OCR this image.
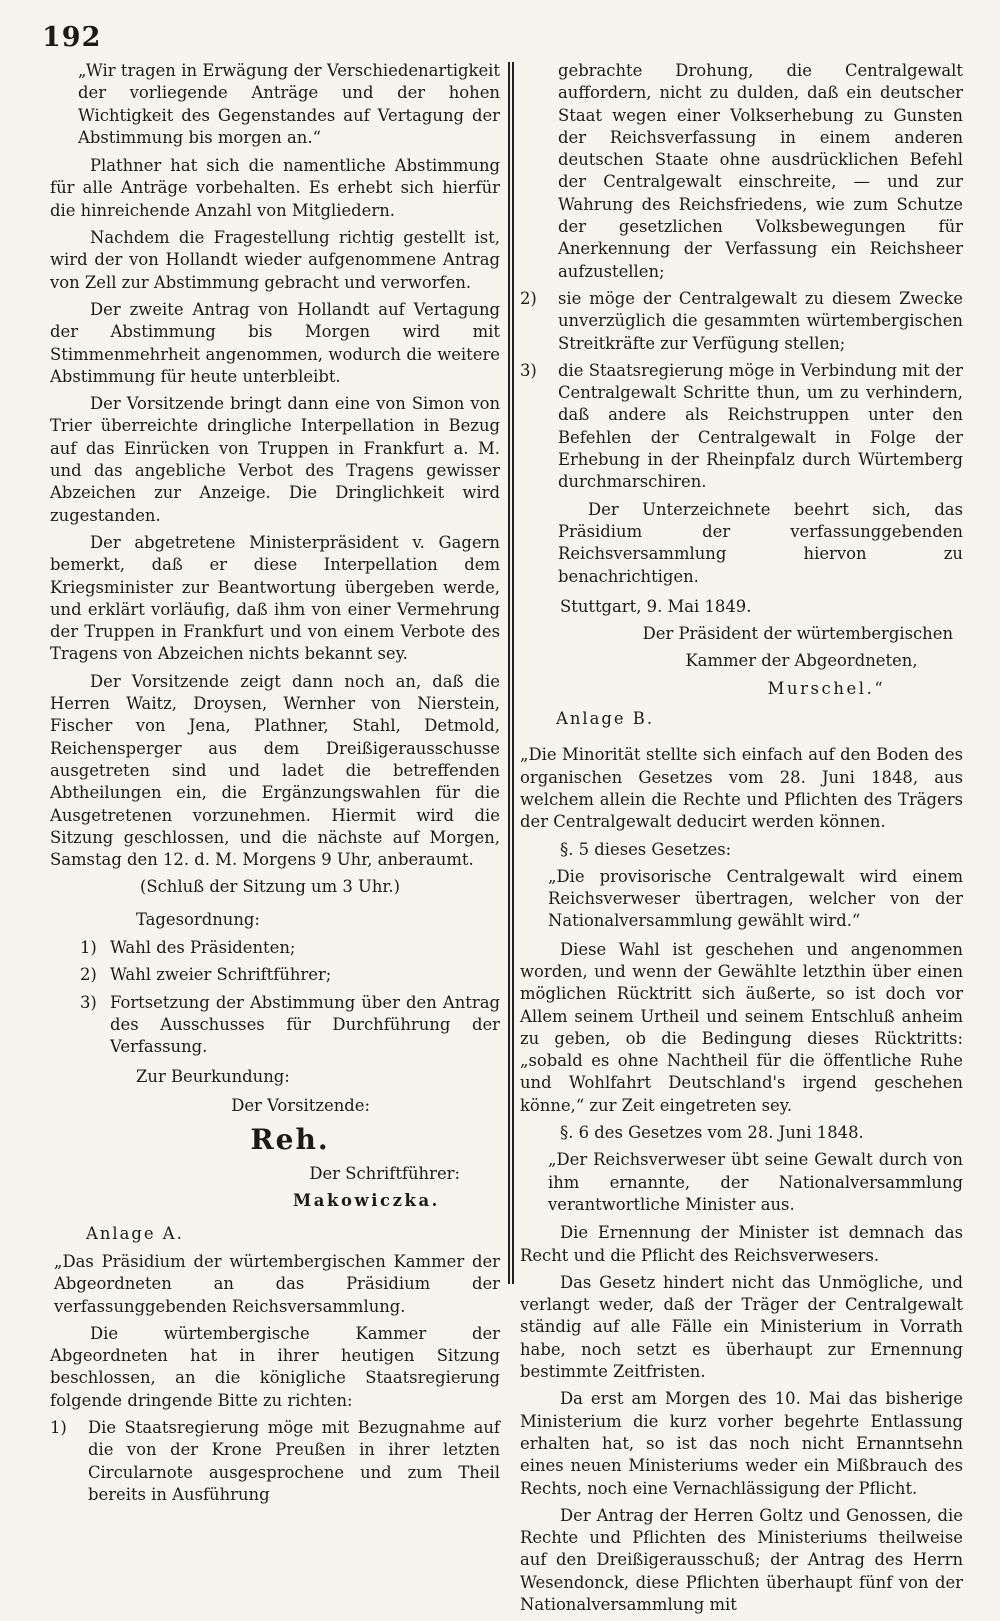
192

„Wir tragen in Erwägung der Verschiedenartigkeit der vorliegende Anträge und der hohen Wichtigkeit des Gegenstandes auf Vertagung der Abstimmung bis morgen an.“

Plathner hat sich die namentliche Abstimmung für alle Anträge vorbehalten. Es erhebt sich hierfür die hinreichende Anzahl von Mitgliedern.

Nachdem die Fragestellung richtig gestellt ist, wird der von Hollandt wieder aufgenommene Antrag von Zell zur Abstimmung gebracht und verworfen.

Der zweite Antrag von Hollandt auf Vertagung der Abstimmung bis Morgen wird mit Stimmenmehrheit angenommen, wodurch die weitere Abstimmung für heute unterbleibt.

Der Vorsitzende bringt dann eine von Simon von Trier überreichte dringliche Interpellation in Bezug auf das Einrücken von Truppen in Frankfurt a. M. und das angebliche Verbot des Tragens gewisser Abzeichen zur Anzeige. Die Dringlichkeit wird zugestanden.

Der abgetretene Ministerpräsident v. Gagern bemerkt, daß er diese Interpellation dem Kriegsminister zur Beantwortung übergeben werde, und erklärt vorläufig, daß ihm von einer Vermehrung der Truppen in Frankfurt und von einem Verbote des Tragens von Abzeichen nichts bekannt sey.

Der Vorsitzende zeigt dann noch an, daß die Herren Waitz, Droysen, Wernher von Nierstein, Fischer von Jena, Plathner, Stahl, Detmold, Reichensperger aus dem Dreißigerausschusse ausgetreten sind und ladet die betreffenden Abtheilungen ein, die Ergänzungswahlen für die Ausgetretenen vorzunehmen. Hiermit wird die Sitzung geschlossen, und die nächste auf Morgen, Samstag den 12. d. M. Morgens 9 Uhr, anberaumt.

(Schluß der Sitzung um 3 Uhr.)

Tagesordnung:

1) Wahl des Präsidenten;
2) Wahl zweier Schriftführer;
3) Fortsetzung der Abstimmung über den Antrag des Ausschusses für Durchführung der Verfassung.

Zur Beurkundung:

Der Vorsitzende:

Reh.

Der Schriftführer:

Makowiczka.

Anlage A.

„Das Präsidium der würtembergischen Kammer der Abgeordneten an das Präsidium der verfassunggebenden Reichsversammlung.

Die würtembergische Kammer der Abgeordneten hat in ihrer heutigen Sitzung beschlossen, an die königliche Staatsregierung folgende dringende Bitte zu richten:

1)	Die Staatsregierung möge mit Bezugnahme auf die von der Krone Preußen in ihrer letzten Circularnote ausgesprochene und zum Theil bereits in Ausführung

gebrachte Drohung, die Centralgewalt auffordern, nicht zu dulden, daß ein deutscher Staat wegen einer Volkserhebung zu Gunsten der Reichsverfassung in einem anderen deutschen Staate ohne ausdrücklichen Befehl der Centralgewalt einschreite, — und zur Wahrung des Reichsfriedens, wie zum Schutze der gesetzlichen Volksbewegungen für Anerkennung der Verfassung ein Reichsheer aufzustellen;

2)	sie möge der Centralgewalt zu diesem Zwecke unverzüglich die gesammten würtembergischen Streitkräfte zur Verfügung stellen;
3)	die Staatsregierung möge in Verbindung mit der Centralgewalt Schritte thun, um zu verhindern, daß andere als Reichstruppen unter den Befehlen der Centralgewalt in Folge der Erhebung in der Rheinpfalz durch Würtemberg durchmarschiren.

Der Unterzeichnete beehrt sich, das Präsidium der verfassunggebenden Reichsversammlung hiervon zu benachrichtigen.

Stuttgart, 9. Mai 1849.

Der Präsident der würtembergischen

Kammer der Abgeordneten,

Murschel.“

Anlage B.

„Die Minorität stellte sich einfach auf den Boden des organischen Gesetzes vom 28. Juni 1848, aus welchem allein die Rechte und Pflichten des Trägers der Centralgewalt deducirt werden können.

§. 5 dieses Gesetzes:

„Die provisorische Centralgewalt wird einem Reichsverweser übertragen, welcher von der Nationalversammlung gewählt wird.“

Diese Wahl ist geschehen und angenommen worden, und wenn der Gewählte letzthin über einen möglichen Rücktritt sich äußerte, so ist doch vor Allem seinem Urtheil und seinem Entschluß anheim zu geben, ob die Bedingung dieses Rücktritts: „sobald es ohne Nachtheil für die öffentliche Ruhe und Wohlfahrt Deutschland's irgend geschehen könne,“ zur Zeit eingetreten sey.

§. 6 des Gesetzes vom 28. Juni 1848.

„Der Reichsverweser übt seine Gewalt durch von ihm ernannte, der Nationalversammlung verantwortliche Minister aus.

Die Ernennung der Minister ist demnach das Recht und die Pflicht des Reichsverwesers.

Das Gesetz hindert nicht das Unmögliche, und verlangt weder, daß der Träger der Centralgewalt ständig auf alle Fälle ein Ministerium in Vorrath habe, noch setzt es überhaupt zur Ernennung bestimmte Zeitfristen.

Da erst am Morgen des 10. Mai das bisherige Ministerium die kurz vorher begehrte Entlassung erhalten hat, so ist das noch nicht Ernanntsehn eines neuen Ministeriums weder ein Mißbrauch des Rechts, noch eine Vernachlässigung der Pflicht.

Der Antrag der Herren Goltz und Genossen, die Rechte und Pflichten des Ministeriums theilweise auf den Dreißigerausschuß; der Antrag des Herrn Wesendonck, diese Pflichten überhaupt fünf von der Nationalversammlung mit
